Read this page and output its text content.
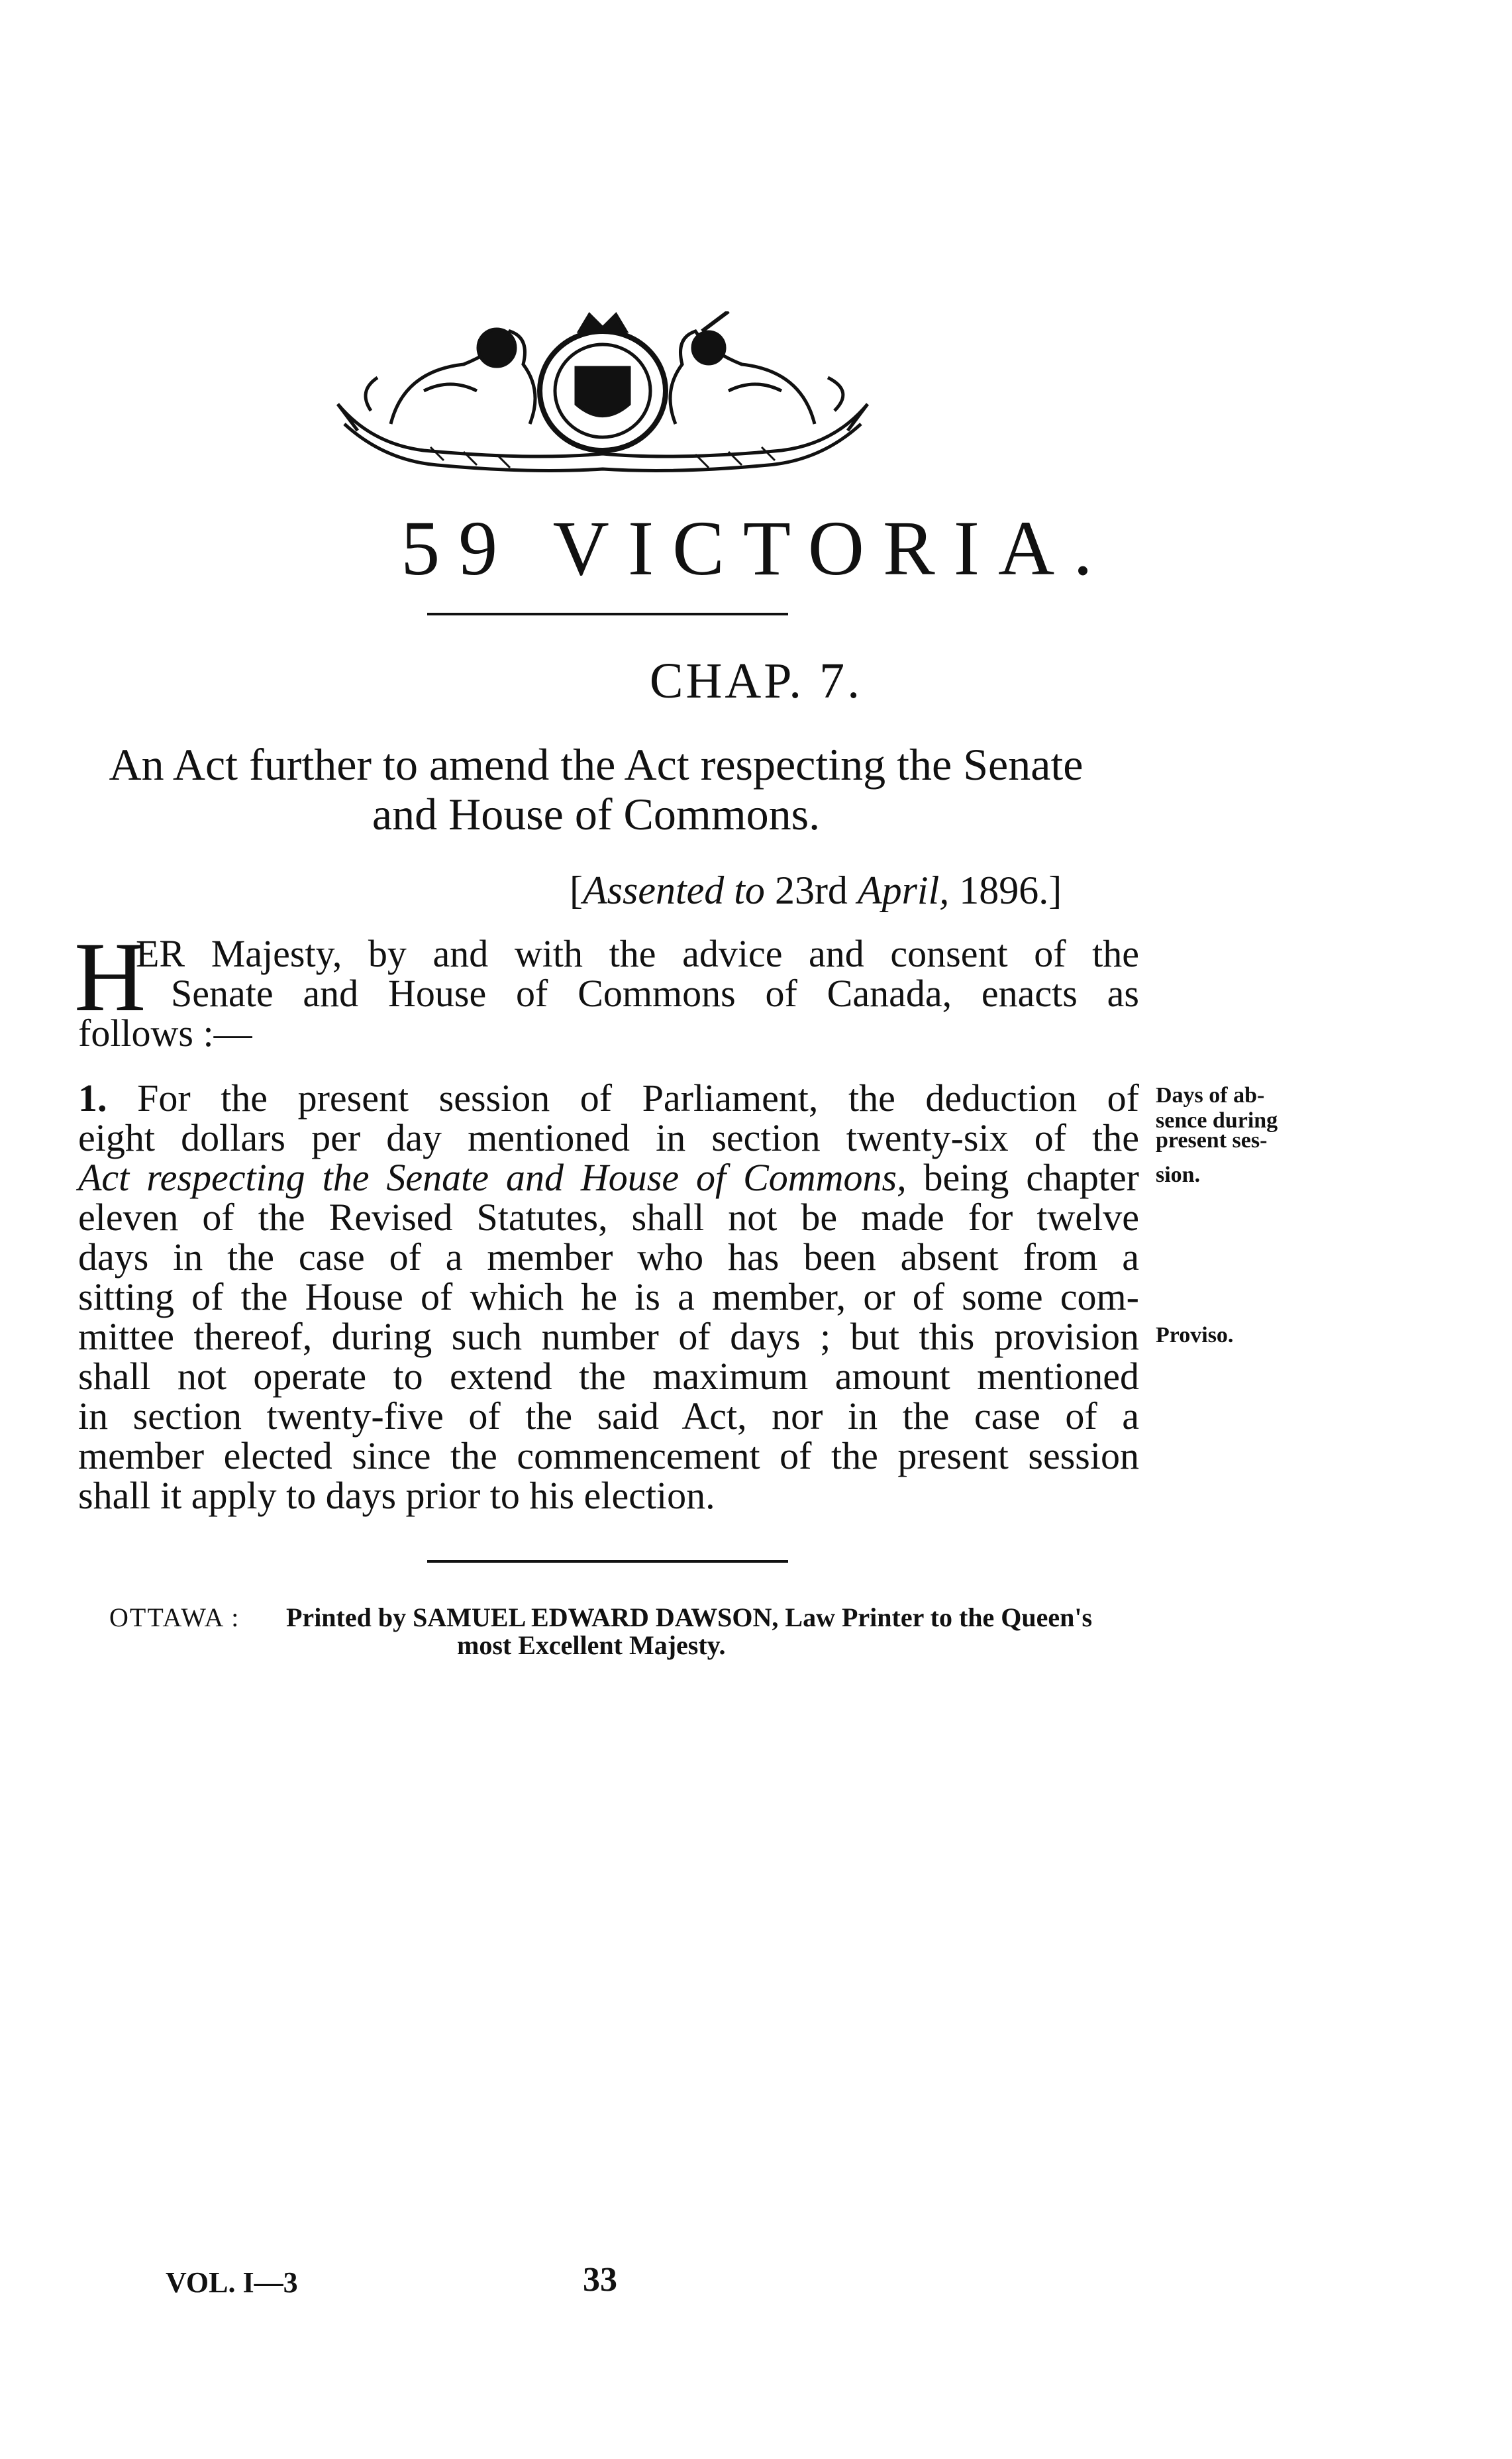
59 VICTORIA.
CHAP. 7.
An Act further to amend the Act respecting the Senate
and House of Commons.
[Assented to 23rd April, 1896.]
H
ER Majesty, by and with the advice and consent of the
Senate and House of Commons of Canada, enacts as
follows :—
1. For the present session of Parliament, the deduction of
eight dollars per day mentioned in section twenty-six of the
Act respecting the Senate and House of Commons, being chapter
eleven of the Revised Statutes, shall not be made for twelve
days in the case of a member who has been absent from a
sitting of the House of which he is a member, or of some com-
mittee thereof, during such number of days ; but this provision
shall not operate to extend the maximum amount mentioned
in section twenty-five of the said Act, nor in the case of a
member elected since the commencement of the present session
shall it apply to days prior to his election.
Days of ab-
sence during
present ses-
sion.
Proviso.
OTTAWA : Printed by SAMUEL EDWARD DAWSON, Law Printer to the Queen's
most Excellent Majesty.
VOL. I—3	33
